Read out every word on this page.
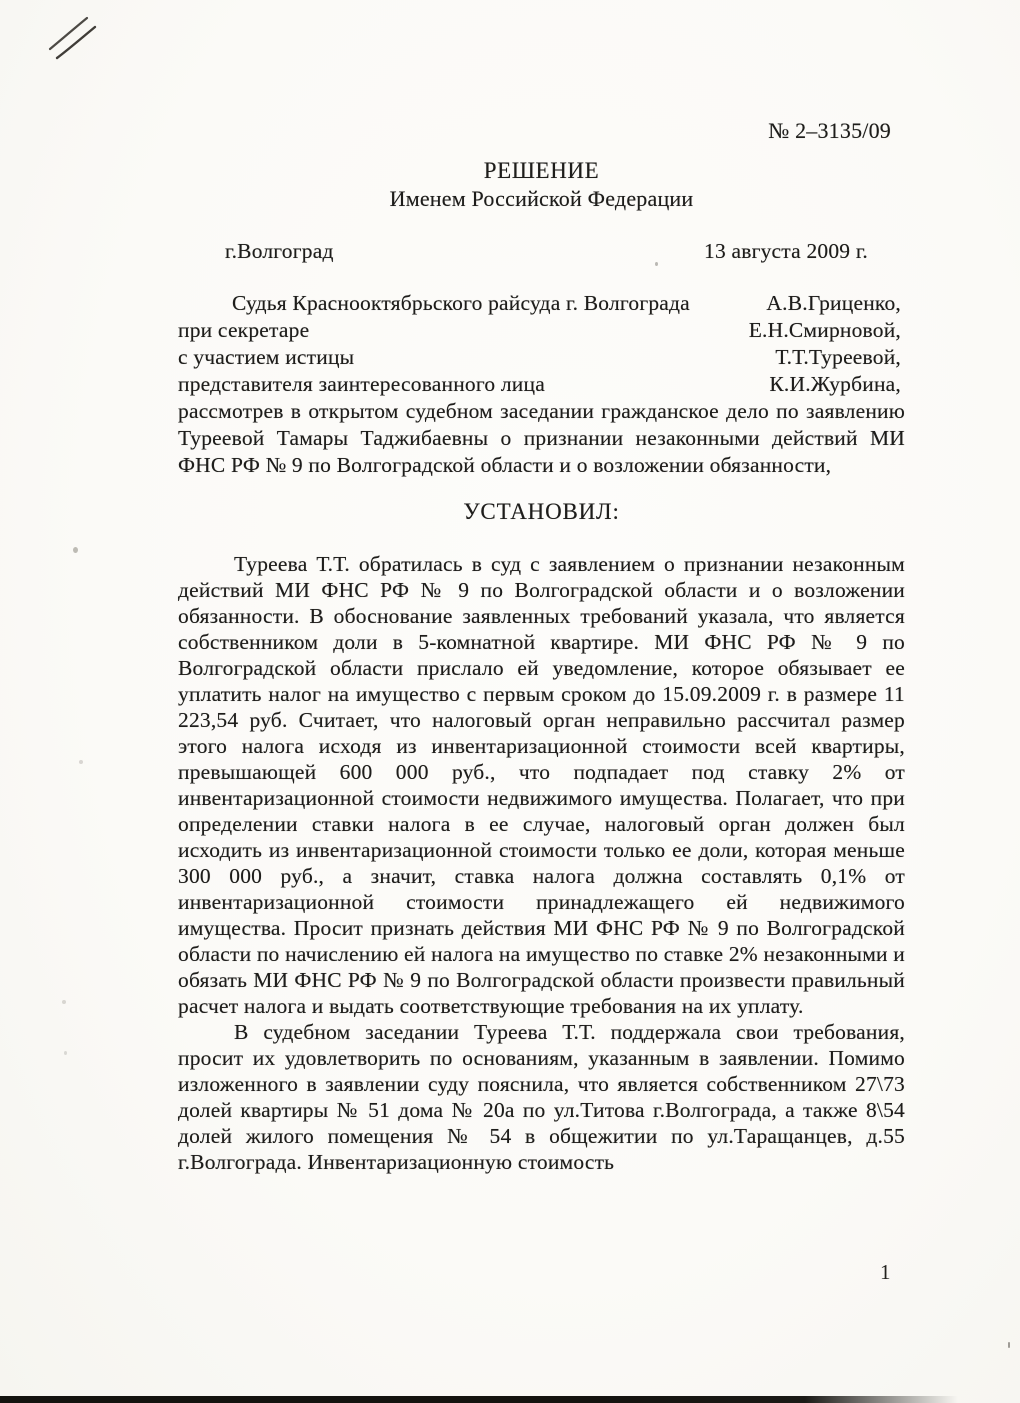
№ 2–3135/09
РЕШЕНИЕ
Именем Российской Федерации
г.Волгоград	13 августа 2009 г.
Судья Краснооктябрьского райсуда г. Волгограда	А.В.Гриценко,
при секретаре	Е.Н.Смирновой,
с участием истицы	Т.Т.Туреевой,
представителя заинтересованного лица	К.И.Журбина,

рассмотрев в открытом судебном заседании гражданское дело по заявлению Туреевой Тамары Таджибаевны о признании незаконными действий МИ ФНС РФ № 9 по Волгоградской области и о возложении обязанности,

УСТАНОВИЛ:

Туреева Т.Т. обратилась в суд с заявлением о признании незаконным действий МИ ФНС РФ № 9 по Волгоградской области и о возложении обязанности. В обоснование заявленных требований указала, что является собственником доли в 5-комнатной квартире. МИ ФНС РФ № 9 по Волгоградской области прислало ей уведомление, которое обязывает ее уплатить налог на имущество с первым сроком до 15.09.2009 г. в размере 11 223,54 руб. Считает, что налоговый орган неправильно рассчитал размер этого налога исходя из инвентаризационной стоимости всей квартиры, превышающей 600 000 руб., что подпадает под ставку 2% от инвентаризационной стоимости недвижимого имущества. Полагает, что при определении ставки налога в ее случае, налоговый орган должен был исходить из инвентаризационной стоимости только ее доли, которая меньше 300 000 руб., а значит, ставка налога должна составлять 0,1% от инвентаризационной стоимости принадлежащего ей недвижимого имущества. Просит признать действия МИ ФНС РФ № 9 по Волгоградской области по начислению ей налога на имущество по ставке 2% незаконными и обязать МИ ФНС РФ № 9 по Волгоградской области произвести правильный расчет налога и выдать соответствующие требования на их уплату.

В судебном заседании Туреева Т.Т. поддержала свои требования, просит их удовлетворить по основаниям, указанным в заявлении. Помимо изложенного в заявлении суду пояснила, что является собственником 27\73 долей квартиры № 51 дома № 20а по ул.Титова г.Волгограда, а также 8\54 долей жилого помещения № 54 в общежитии по ул.Таращанцев, д.55 г.Волгограда. Инвентаризационную стоимость

1
